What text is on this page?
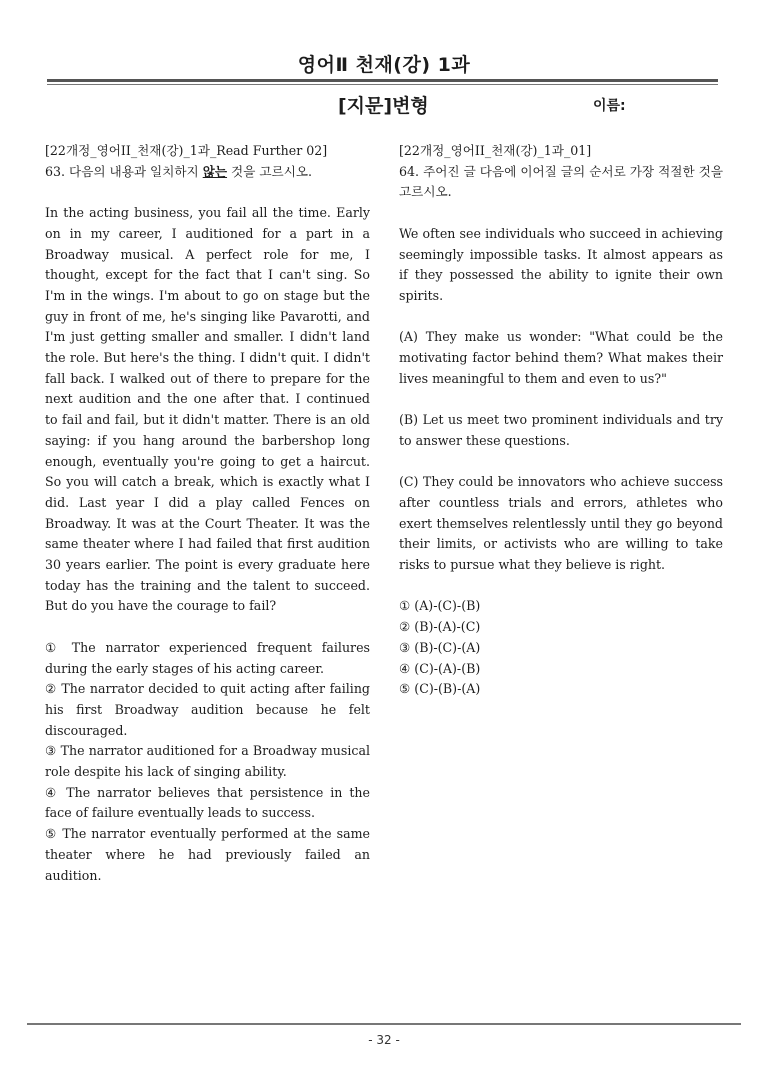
영어Ⅱ 천재(강) 1과
[지문]변형	이름:

[22개정_영어II_천재(강)_1과_Read Further 02]

63. 다음의 내용과 일치하지 않는 것을 고르시오.

In the acting business, you fail all the time. Early on in my career, I auditioned for a part in a Broadway musical. A perfect role for me, I thought, except for the fact that I can't sing. So I'm in the wings. I'm about to go on stage but the guy in front of me, he's singing like Pavarotti, and I'm just getting smaller and smaller. I didn't land the role. But here's the thing. I didn't quit. I didn't fall back. I walked out of there to prepare for the next audition and the one after that. I continued to fail and fail, but it didn't matter. There is an old saying: if you hang around the barbershop long enough, eventually you're going to get a haircut. So you will catch a break, which is exactly what I did. Last year I did a play called Fences on Broadway. It was at the Court Theater. It was the same theater where I had failed that first audition 30 years earlier. The point is every graduate here today has the training and the talent to succeed. But do you have the courage to fail?

① The narrator experienced frequent failures during the early stages of his acting career.

② The narrator decided to quit acting after failing his first Broadway audition because he felt discouraged.

③ The narrator auditioned for a Broadway musical role despite his lack of singing ability.

④ The narrator believes that persistence in the face of failure eventually leads to success.

⑤ The narrator eventually performed at the same theater where he had previously failed an audition.

[22개정_영어II_천재(강)_1과_01]

64. 주어진 글 다음에 이어질 글의 순서로 가장 적절한 것을 고르시오.

We often see individuals who succeed in achieving seemingly impossible tasks. It almost appears as if they possessed the ability to ignite their own spirits.

(A) They make us wonder: "What could be the motivating factor behind them? What makes their lives meaningful to them and even to us?"

(B) Let us meet two prominent individuals and try to answer these questions.

(C) They could be innovators who achieve success after countless trials and errors, athletes who exert themselves relentlessly until they go beyond their limits, or activists who are willing to take risks to pursue what they believe is right.

① (A)-(C)-(B)

② (B)-(A)-(C)

③ (B)-(C)-(A)

④ (C)-(A)-(B)

⑤ (C)-(B)-(A)

- 32 -
